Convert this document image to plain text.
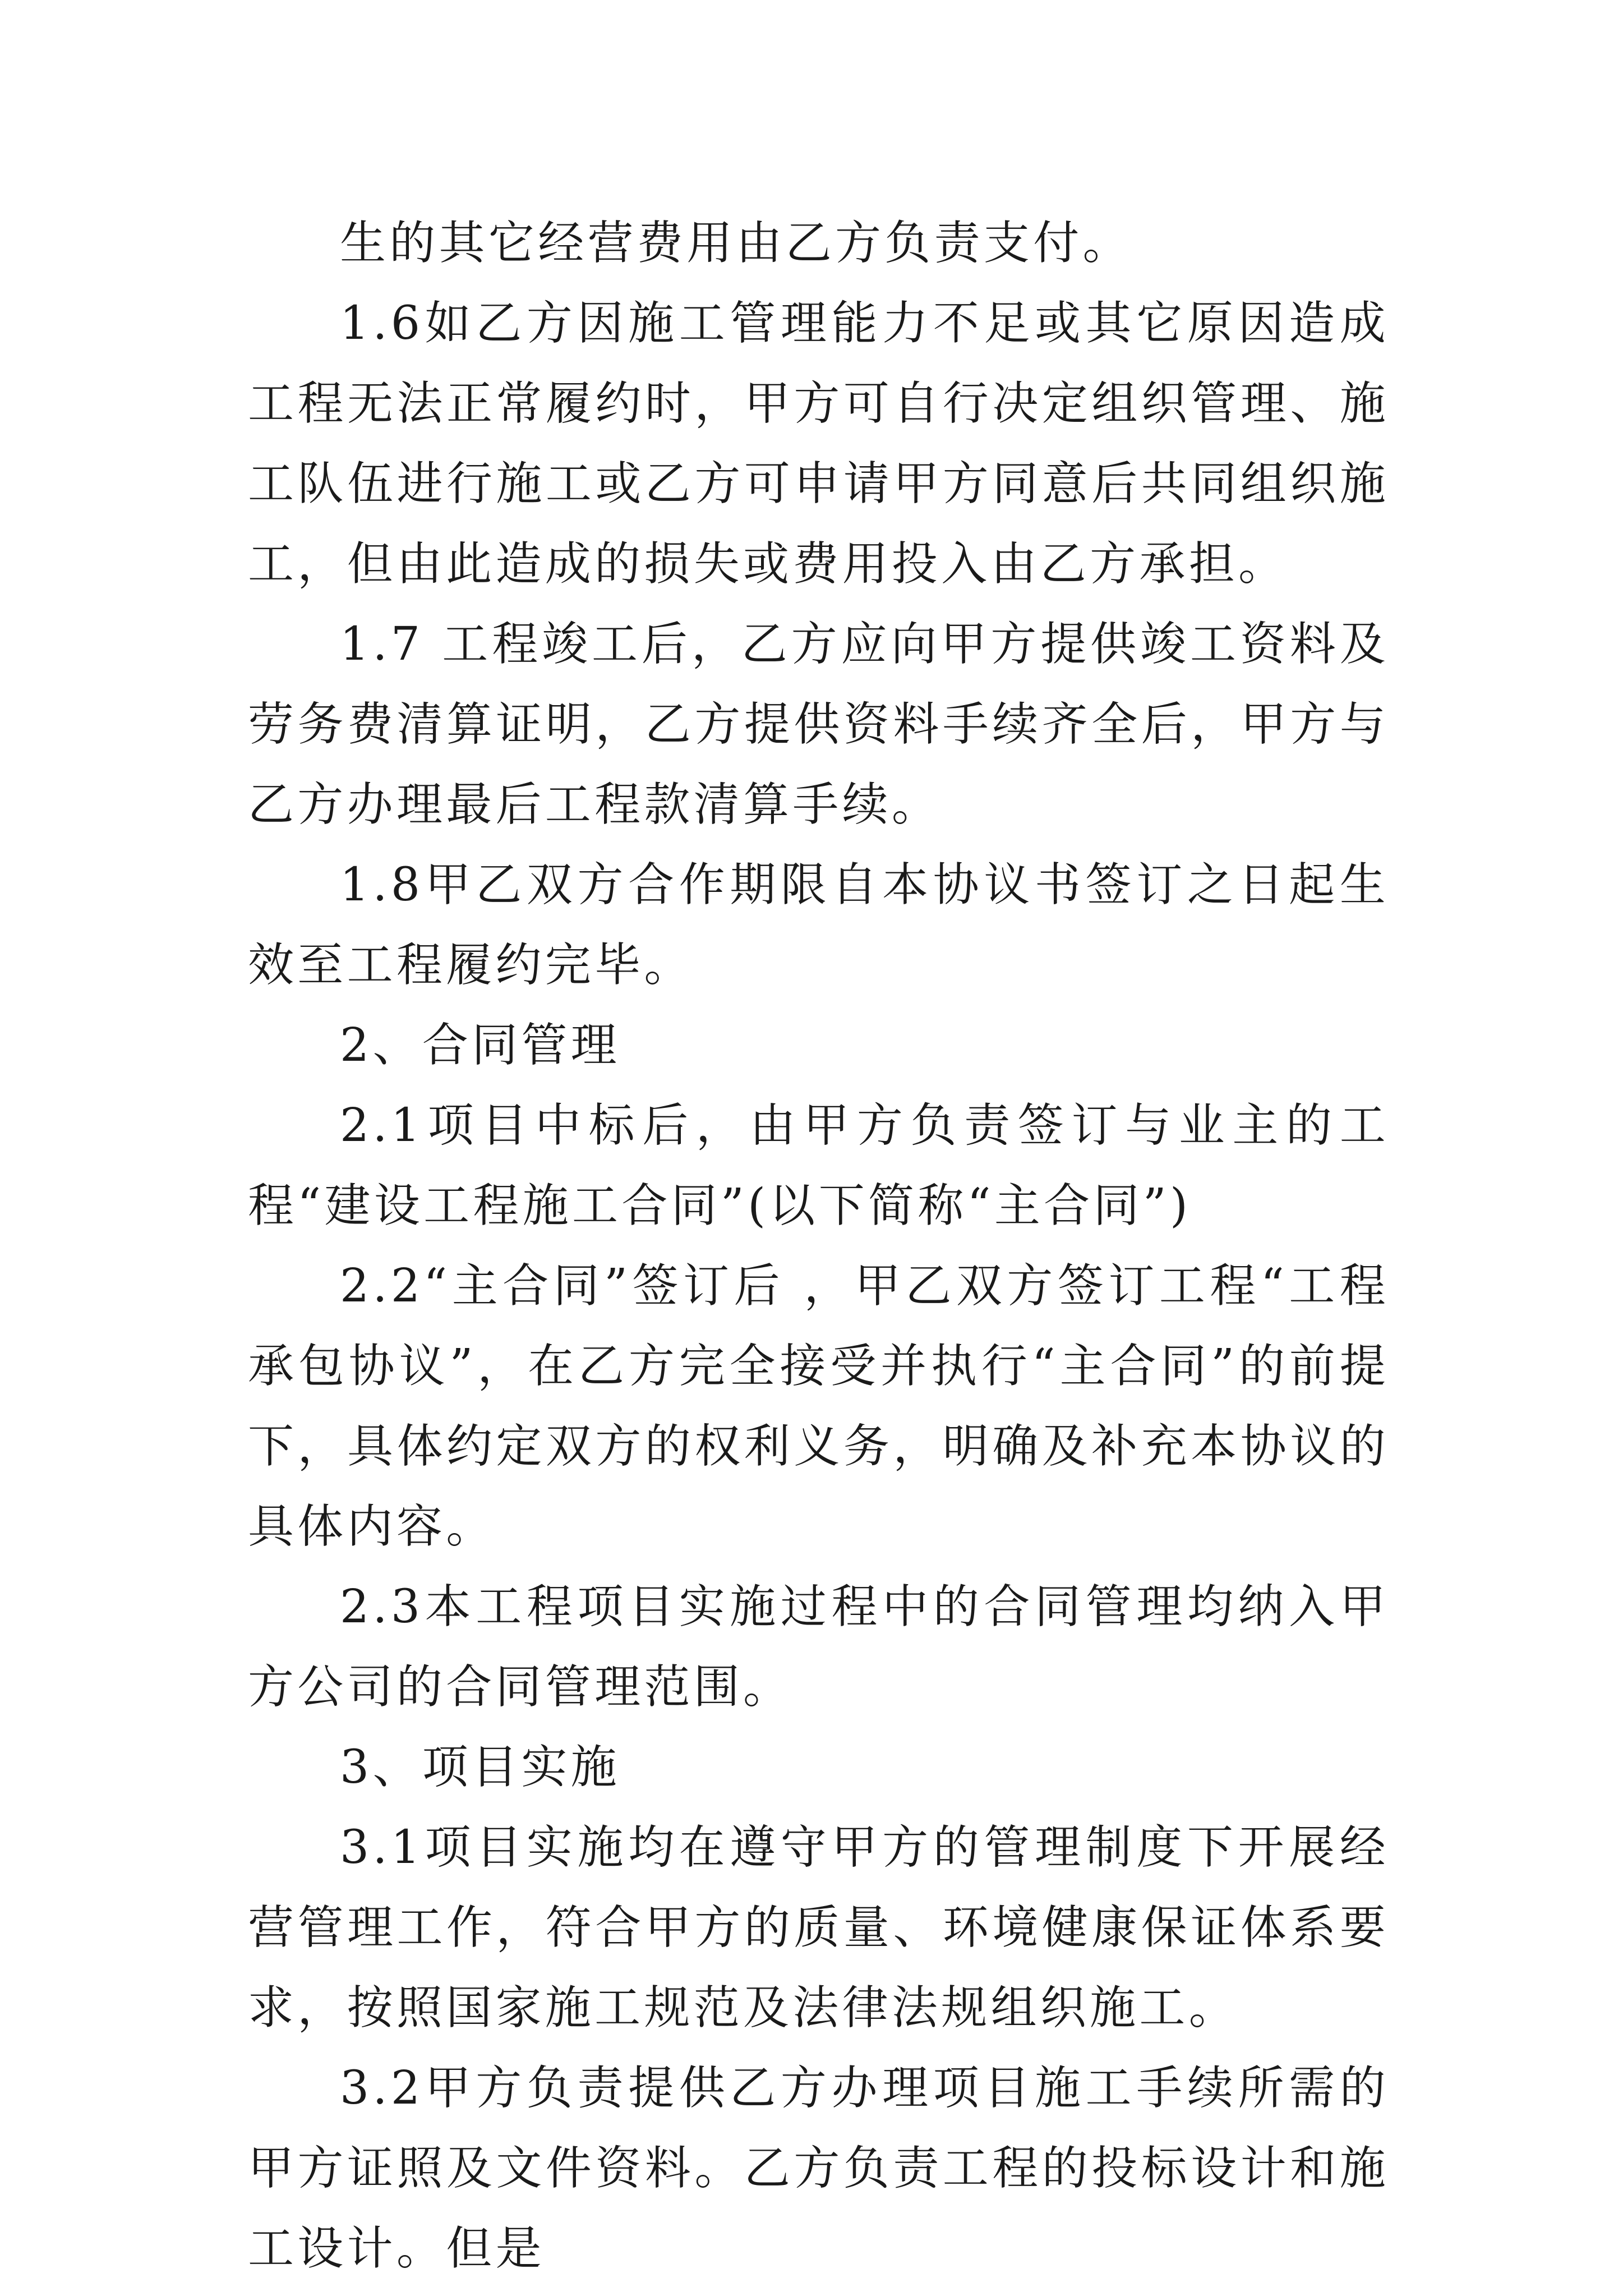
生的其它经营费用由乙方负责支付。

1.6如乙方因施工管理能力不足或其它原因造成工程无法正常履约时，甲方可自行决定组织管理、施工队伍进行施工或乙方可申请甲方同意后共同组织施工，但由此造成的损失或费用投入由乙方承担。

1.7 工程竣工后，乙方应向甲方提供竣工资料及劳务费清算证明，乙方提供资料手续齐全后，甲方与乙方办理最后工程款清算手续。

1.8甲乙双方合作期限自本协议书签订之日起生效至工程履约完毕。

2、合同管理

2.1项目中标后，由甲方负责签订与业主的工程“建设工程施工合同”(以下简称“主合同”)

2.2“主合同”签订后 ，甲乙双方签订工程“工程承包协议”，在乙方完全接受并执行“主合同”的前提下，具体约定双方的权利义务，明确及补充本协议的具体内容。

2.3本工程项目实施过程中的合同管理均纳入甲方公司的合同管理范围。

3、项目实施

3.1项目实施均在遵守甲方的管理制度下开展经营管理工作，符合甲方的质量、环境健康保证体系要求，按照国家施工规范及法律法规组织施工。

3.2甲方负责提供乙方办理项目施工手续所需的甲方证照及文件资料。乙方负责工程的投标设计和施工设计。但是
